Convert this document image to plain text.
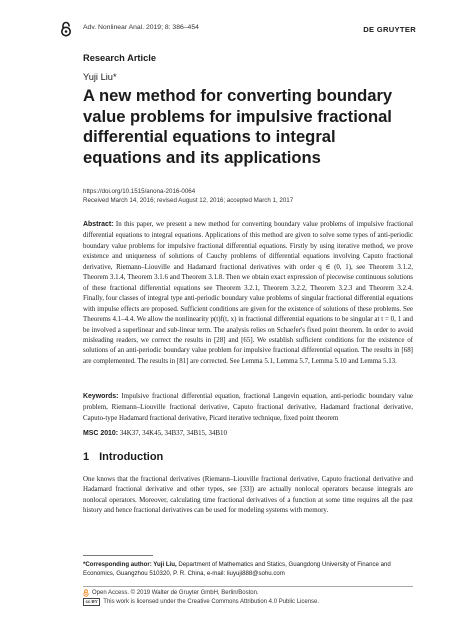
Adv. Nonlinear Anal. 2019; 8: 386–454	DE GRUYTER
Research Article
Yuji Liu*
A new method for converting boundary value problems for impulsive fractional differential equations to integral equations and its applications
https://doi.org/10.1515/anona-2016-0064
Received March 14, 2016; revised August 12, 2016; accepted March 1, 2017

Abstract: In this paper, we present a new method for converting boundary value problems of impulsive fractional differential equations to integral equations. Applications of this method are given to solve some types of anti-periodic boundary value problems for impulsive fractional differential equations. Firstly by using iterative method, we prove existence and uniqueness of solutions of Cauchy problems of differential equations involving Caputo fractional derivative, Riemann–Liouville and Hadamard fractional derivatives with order q ∈ (0, 1), see Theorem 3.1.2, Theorem 3.1.4, Theorem 3.1.6 and Theorem 3.1.8. Then we obtain exact expression of piecewise continuous solutions of these fractional differential equations see Theorem 3.2.1, Theorem 3.2.2, Theorem 3.2.3 and Theorem 3.2.4. Finally, four classes of integral type anti-periodic boundary value problems of singular fractional differential equations with impulse effects are proposed. Sufficient conditions are given for the existence of solutions of these problems. See Theorems 4.1–4.4. We allow the nonlinearity p(t)f(t, x) in fractional differential equations to be singular at t = 0, 1 and be involved a superlinear and sub-linear term. The analysis relies on Schaefer's fixed point theorem. In order to avoid misleading readers, we correct the results in [28] and [65]. We establish sufficient conditions for the existence of solutions of an anti-periodic boundary value problem for impulsive fractional differential equation. The results in [68] are complemented. The results in [81] are corrected. See Lemma 5.1, Lemma 5.7, Lemma 5.10 and Lemma 5.13.

Keywords: Impulsive fractional differential equation, fractional Langevin equation, anti-periodic boundary value problem, Riemann–Liouville fractional derivative, Caputo fractional derivative, Hadamard fractional derivative, Caputo-type Hadamard fractional derivative, Picard iterative technique, fixed point theorem

MSC 2010: 34K37, 34K45, 34B37, 34B15, 34B10
1 Introduction

One knows that the fractional derivatives (Riemann–Liouville fractional derivative, Caputo fractional derivative and Hadamard fractional derivative and other types, see [33]) are actually nonlocal operators because integrals are nonlocal operators. Moreover, calculating time fractional derivatives of a function at some time requires all the past history and hence fractional derivatives can be used for modeling systems with memory.

*Corresponding author: Yuji Liu, Department of Mathematics and Statics, Guangdong University of Finance and Economics, Guangzhou 510320, P. R. China, e-mail: liuyuji888@sohu.com

Open Access. © 2019 Walter de Gruyter GmbH, Berlin/Boston.
cc BY This work is licensed under the Creative Commons Attribution 4.0 Public License.
